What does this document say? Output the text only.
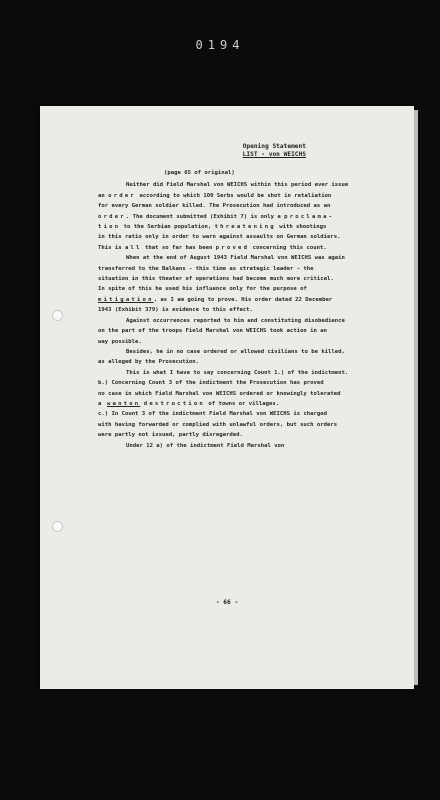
0194
Opening Statement
LIST - von WEICHS

(page 65 of original)

Neither did Field Marshal von WEICHS within this period ever issue

an order according to which 100 Serbs would be shot in retaliation

for every German soldier killed. The Prosecution had introduced as an

order. The document submitted (Exhibit 7) is only a proclama-

tion to the Serbian population, threatening with shootings

in this ratio only in order to warn against assaults on German soldiers.

This is all that so far has been proved concerning this count.

When at the end of August 1943 Field Marshal von WEICHS was again

transferred to the Balkans - this time as strategic leader - the

situation in this theater of operations had become much more critical.

In spite of this he used his influence only for the purpose of

mitigation, as I am going to prove. His order dated 22 December

1943 (Exhibit 379) is evidence to this effect.

Against occurrences reported to him and constituting disobedience

on the part of the troops Field Marshal von WEICHS took action in an

way possible.

Besides, he in no case ordered or allowed civilians to be killed,

as alleged by the Prosecution.

This is what I have to say concerning Count 1.) of the indictment.

b.) Concerning Count 3 of the indictment the Prosecution has proved

no case in which Field Marshal von WEICHS ordered or knowingly tolerated

a wanton destruction of towns or villages.

c.) In Count 3 of the indictment Field Marshal von WEICHS is charged

with having forwarded or complied with unlawful orders, but such orders

were partly not issued, partly disregarded.

Under 12 a) of the indictment Field Marshal von

- 66 -
